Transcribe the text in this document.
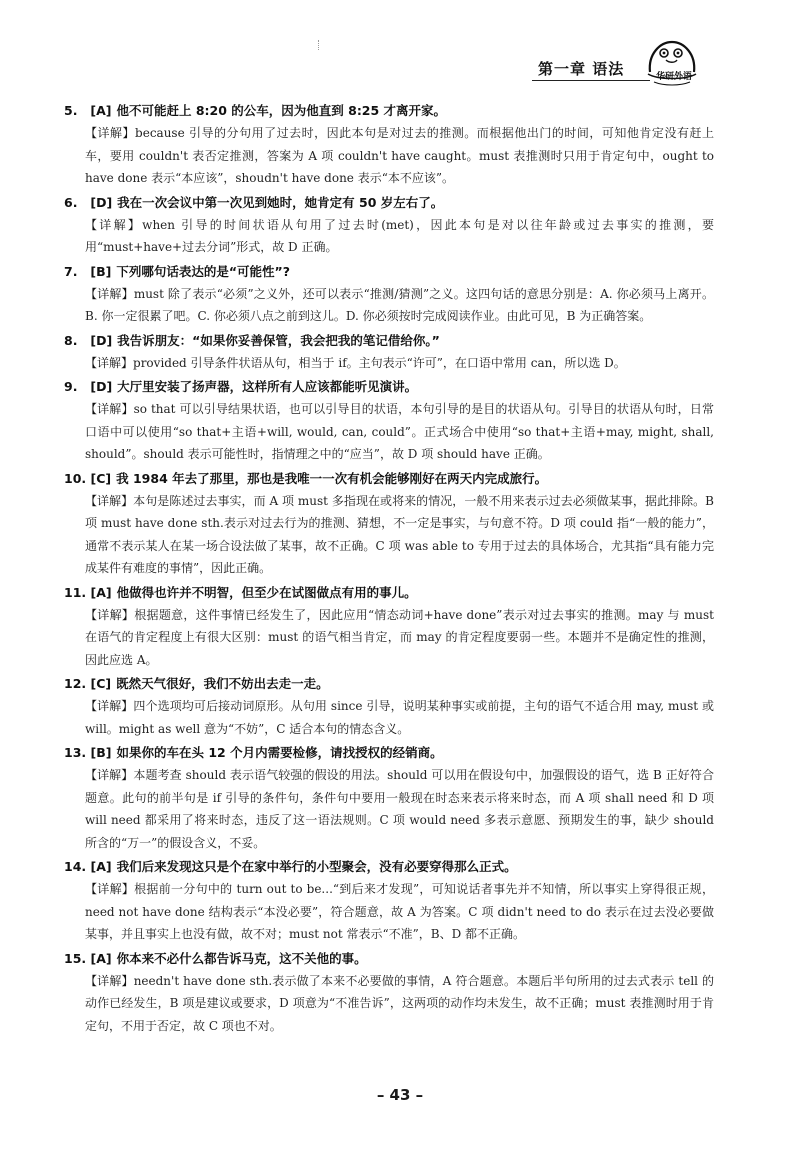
第一章 语法	华研外语
5. [A] 他不可能赶上 8:20 的公车，因为他直到 8:25 才离开家。
【详解】because 引导的分句用了过去时，因此本句是对过去的推测。而根据他出门的时间，可知他肯定没有赶上车，要用 couldn't 表否定推测，答案为 A 项 couldn't have caught。must 表推测时只用于肯定句中，ought to have done 表示“本应该”，shoudn't have done 表示“本不应该”。
6. [D] 我在一次会议中第一次见到她时，她肯定有 50 岁左右了。
【详解】when 引导的时间状语从句用了过去时(met)，因此本句是对以往年龄或过去事实的推测，要用“must+have+过去分词”形式，故 D 正确。
7. [B] 下列哪句话表达的是“可能性”?
【详解】must 除了表示“必须”之义外，还可以表示“推测/猜测”之义。这四句话的意思分别是：A. 你必须马上离开。B. 你一定很累了吧。C. 你必须八点之前到这儿。D. 你必须按时完成阅读作业。由此可见，B 为正确答案。
8. [D] 我告诉朋友：“如果你妥善保管，我会把我的笔记借给你。”
【详解】provided 引导条件状语从句，相当于 if。主句表示“许可”，在口语中常用 can，所以选 D。
9. [D] 大厅里安装了扬声器，这样所有人应该都能听见演讲。
【详解】so that 可以引导结果状语，也可以引导目的状语，本句引导的是目的状语从句。引导目的状语从句时，日常口语中可以使用“so that+主语+will, would, can, could”。正式场合中使用“so that+主语+may, might, shall, should”。should 表示可能性时，指情理之中的“应当”，故 D 项 should have 正确。
10. [C] 我 1984 年去了那里，那也是我唯一一次有机会能够刚好在两天内完成旅行。
【详解】本句是陈述过去事实，而 A 项 must 多指现在或将来的情况，一般不用来表示过去必须做某事，据此排除。B 项 must have done sth.表示对过去行为的推测、猜想，不一定是事实，与句意不符。D 项 could 指“一般的能力”，通常不表示某人在某一场合设法做了某事，故不正确。C 项 was able to 专用于过去的具体场合，尤其指“具有能力完成某件有难度的事情”，因此正确。
11. [A] 他做得也许并不明智，但至少在试图做点有用的事儿。
【详解】根据题意，这件事情已经发生了，因此应用“情态动词+have done”表示对过去事实的推测。may 与 must 在语气的肯定程度上有很大区别：must 的语气相当肯定，而 may 的肯定程度要弱一些。本题并不是确定性的推测，因此应选 A。
12. [C] 既然天气很好，我们不妨出去走一走。
【详解】四个选项均可后接动词原形。从句用 since 引导，说明某种事实或前提，主句的语气不适合用 may, must 或 will。might as well 意为“不妨”，C 适合本句的情态含义。
13. [B] 如果你的车在头 12 个月内需要检修，请找授权的经销商。
【详解】本题考查 should 表示语气较强的假设的用法。should 可以用在假设句中，加强假设的语气，选 B 正好符合题意。此句的前半句是 if 引导的条件句，条件句中要用一般现在时态来表示将来时态，而 A 项 shall need 和 D 项 will need 都采用了将来时态，违反了这一语法规则。C 项 would need 多表示意愿、预期发生的事，缺少 should 所含的“万一”的假设含义，不妥。
14. [A] 我们后来发现这只是个在家中举行的小型聚会，没有必要穿得那么正式。
【详解】根据前一分句中的 turn out to be...“到后来才发现”，可知说话者事先并不知情，所以事实上穿得很正规，need not have done 结构表示“本没必要”，符合题意，故 A 为答案。C 项 didn't need to do 表示在过去没必要做某事，并且事实上也没有做，故不对；must not 常表示“不准”，B、D 都不正确。
15. [A] 你本来不必什么都告诉马克，这不关他的事。
【详解】needn't have done sth.表示做了本来不必要做的事情，A 符合题意。本题后半句所用的过去式表示 tell 的动作已经发生，B 项是建议或要求，D 项意为“不准告诉”，这两项的动作均未发生，故不正确；must 表推测时用于肯定句，不用于否定，故 C 项也不对。
– 43 –
